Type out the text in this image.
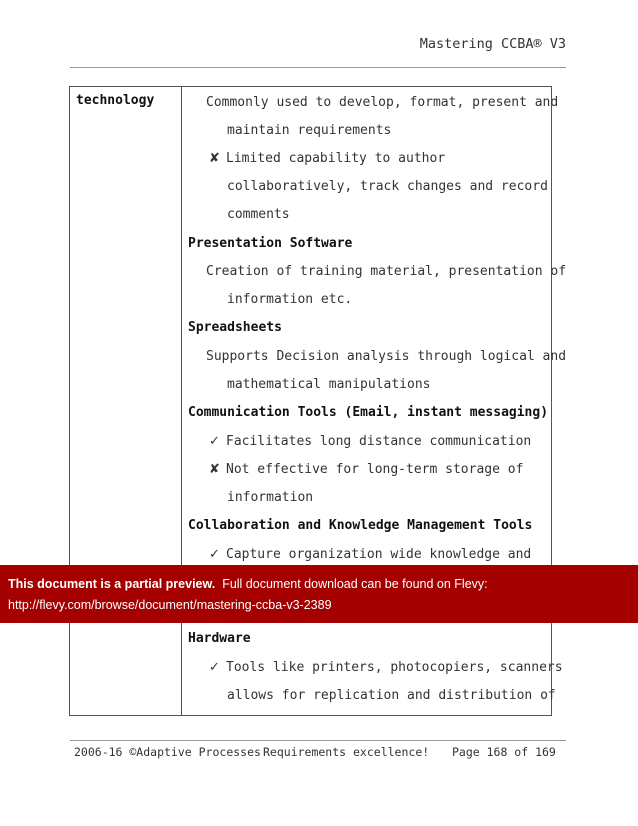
Mastering CCBA® V3
technology	Commonly used to develop, format, present and
maintain requirements
✘ Limited capability to author
collaboratively, track changes and record
comments
Presentation Software
Creation of training material, presentation of
information etc.
Spreadsheets
Supports Decision analysis through logical and
mathematical manipulations
Communication Tools (Email, instant messaging)
✓ Facilitates long distance communication
✘ Not effective for long-term storage of
information
Collaboration and Knowledge Management Tools
✓ Capture organization wide knowledge and
Hardware
✓ Tools like printers, photocopiers, scanners
allows for replication and distribution of
This document is a partial preview. Full document download can be found on Flevy:
http://flevy.com/browse/document/mastering-ccba-v3-2389
2006-16 ©Adaptive Processes Requirements excellence! Page 168 of 169
